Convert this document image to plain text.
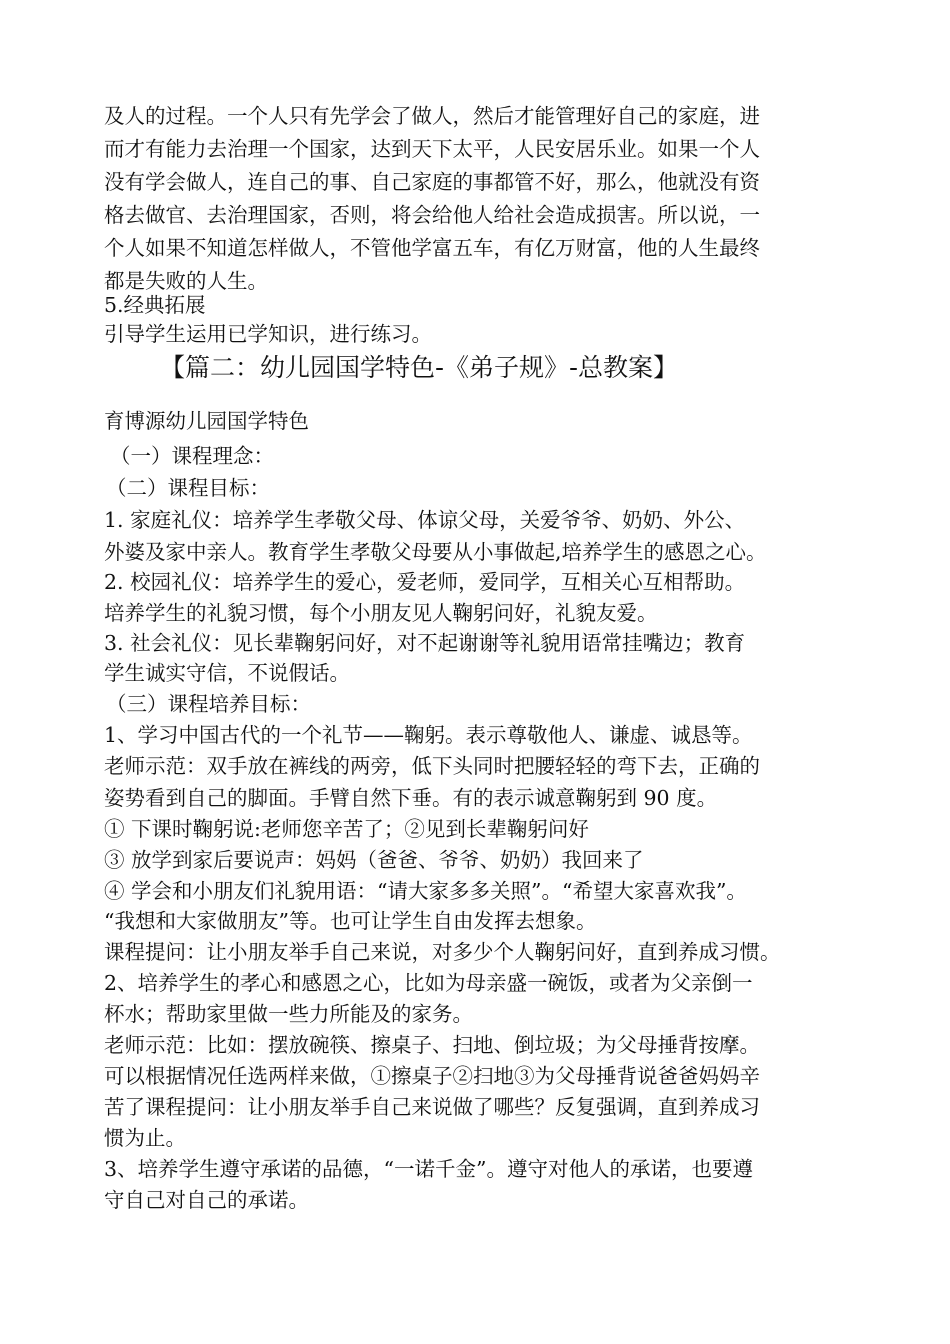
及人的过程。一个人只有先学会了做人，然后才能管理好自己的家庭，进
而才有能力去治理一个国家，达到天下太平，人民安居乐业。如果一个人
没有学会做人，连自己的事、自己家庭的事都管不好，那么，他就没有资
格去做官、去治理国家，否则，将会给他人给社会造成损害。所以说，一
个人如果不知道怎样做人，不管他学富五车，有亿万财富，他的人生最终
都是失败的人生。
5.经典拓展
引导学生运用已学知识，进行练习。
【篇二：幼儿园国学特色-《弟子规》-总教案】
育博源幼儿园国学特色
（一）课程理念：
（二）课程目标：
1. 家庭礼仪：培养学生孝敬父母、体谅父母，关爱爷爷、奶奶、外公、
外婆及家中亲人。教育学生孝敬父母要从小事做起,培养学生的感恩之心。
2. 校园礼仪：培养学生的爱心，爱老师，爱同学，互相关心互相帮助。
培养学生的礼貌习惯，每个小朋友见人鞠躬问好，礼貌友爱。
3. 社会礼仪：见长辈鞠躬问好，对不起谢谢等礼貌用语常挂嘴边；教育
学生诚实守信，不说假话。
（三）课程培养目标：
1、学习中国古代的一个礼节——鞠躬。表示尊敬他人、谦虚、诚恳等。
老师示范：双手放在裤线的两旁，低下头同时把腰轻轻的弯下去，正确的
姿势看到自己的脚面。手臂自然下垂。有的表示诚意鞠躬到 90 度。
① 下课时鞠躬说:老师您辛苦了；②见到长辈鞠躬问好
③ 放学到家后要说声：妈妈（爸爸、爷爷、奶奶）我回来了
④ 学会和小朋友们礼貌用语：“请大家多多关照”。“希望大家喜欢我”。
“我想和大家做朋友”等。也可让学生自由发挥去想象。
课程提问：让小朋友举手自己来说，对多少个人鞠躬问好，直到养成习惯。
2、培养学生的孝心和感恩之心，比如为母亲盛一碗饭，或者为父亲倒一
杯水；帮助家里做一些力所能及的家务。
老师示范：比如：摆放碗筷、擦桌子、扫地、倒垃圾；为父母捶背按摩。
可以根据情况任选两样来做，①擦桌子②扫地③为父母捶背说爸爸妈妈辛
苦了课程提问：让小朋友举手自己来说做了哪些？反复强调，直到养成习
惯为止。
3、培养学生遵守承诺的品德，“一诺千金”。遵守对他人的承诺，也要遵
守自己对自己的承诺。
